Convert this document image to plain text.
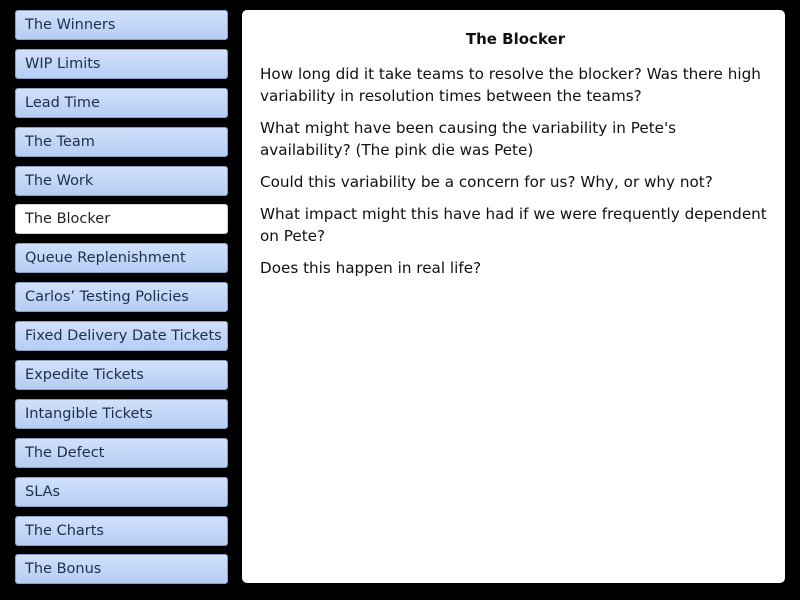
The Winners
WIP Limits
Lead Time
The Team
The Work
The Blocker
Queue Replenishment
Carlos’ Testing Policies
Fixed Delivery Date Tickets
Expedite Tickets
Intangible Tickets
The Defect
SLAs
The Charts
The Bonus
The Blocker

How long did it take teams to resolve the blocker? Was there high variability in resolution times between the teams?

What might have been causing the variability in Pete's availability? (The pink die was Pete)

Could this variability be a concern for us? Why, or why not?

What impact might this have had if we were frequently dependent on Pete?

Does this happen in real life?
